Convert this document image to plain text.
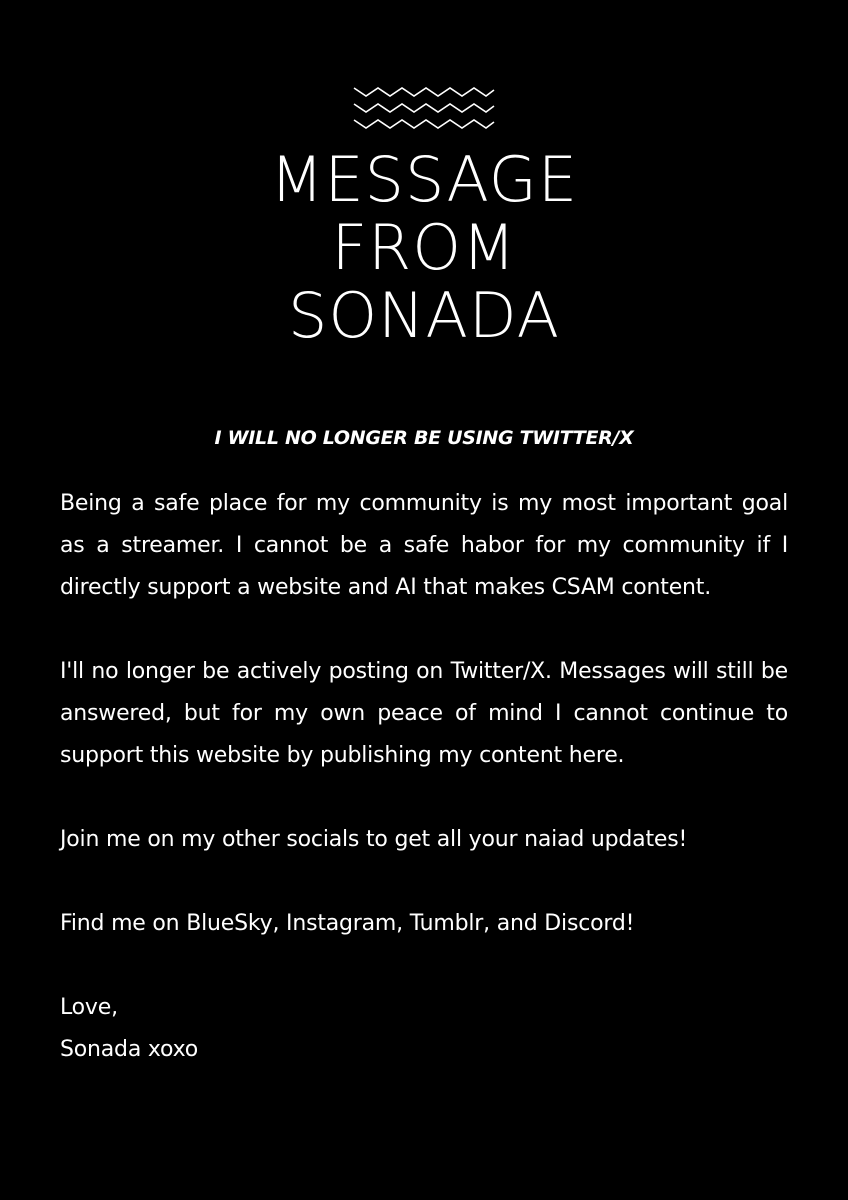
MESSAGE
FROM
SONADA
I WILL NO LONGER BE USING TWITTER/X

Being a safe place for my community is my most important goal as a streamer. I cannot be a safe habor for my community if I directly support a website and AI that makes CSAM content.

I'll no longer be actively posting on Twitter/X. Messages will still be answered, but for my own peace of mind I cannot continue to support this website by publishing my content here.

Join me on my other socials to get all your naiad updates!

Find me on BlueSky, Instagram, Tumblr, and Discord!

Love,

Sonada xoxo
